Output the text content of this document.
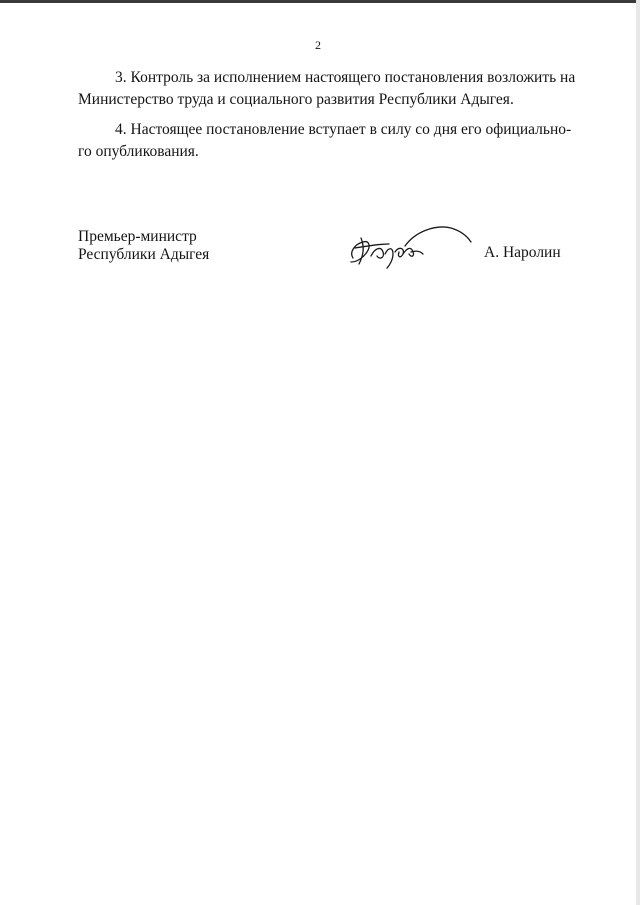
2
3. Контроль за исполнением настоящего постановления возложить на
Министерство труда и социального развития Республики Адыгея.
4. Настоящее постановление вступает в силу со дня его официально-
го опубликования.
Премьер-министр
Республики Адыгея	А. Наролин
